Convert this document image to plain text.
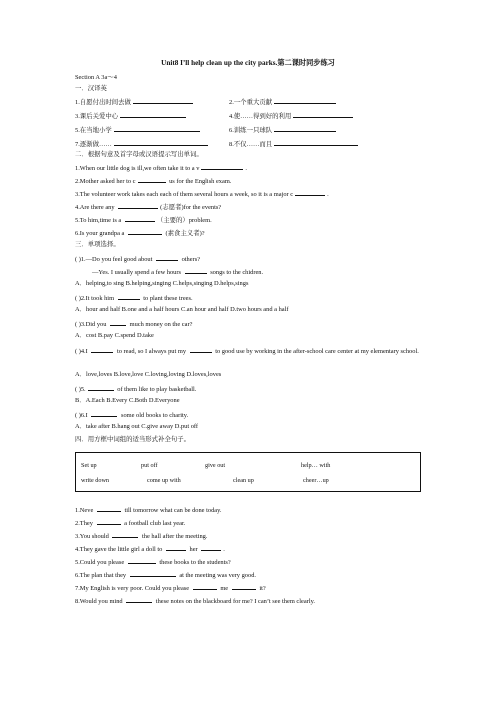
Unit8 I’ll help clean up the city parks.第二课时同步练习
Section A 3a～4
一．汉译英
1.自愿付出时间去做	2.一个重大贡献
3.课后关爱中心	4.使……得到好的利用
5.在当地小学	6.训练一只球队
7.逐渐做……	8.不仅……而且
二．根据句意及首字母或汉语提示写出单词。
1.When our little dog is ill,we often take it to a v	.
2.Mother asked her to c	us for the English exam.
3.The volunteer work takes each each of them several hours a week, so it is a major c	.
4.Are there any	(志愿者)for the events?
5.To him,time is a	（主要的）problem.
6.Is your grandpa a	(素食主义者)?
三．单项选择。
( )1.—Do you feel good about	others?
—Yes. I usually spend a few hours	songs to the chidren.
A．helping,to sing B.helping,singing C.helps,singing D.helps,sings
( )2.It took him	to plant these trees.
A．hour and half B.one and a half hours C.an hour and half D.two hours and a half
( )3.Did you	much money on the car?
A．cost B.pay C.spend D.take
( )4.I	to read, so I always put my	to good use by working in the after-school care center at my elementary school.
A．love,loves B.love,love C.loving,loving D.loves,loves
( )5.	of them like to play basketball.
B．A.Each B.Every C.Both D.Everyone
( )6.I	some old books to charity.
A．take after B.hang out C.give away D.put off
四．用方框中词组的适当形式补全句子。
Set up	put off	give out	help… with
write down	come up with	clean up	cheer…up
1.Neve	till tomorrow what can be done today.
2.They	a football club last year.
3.You should	the hall after the meeting.
4.They gave the little girl a doll to	her	.
5.Could you please	these books to the students?
6.The plan that they	at the meeting was very good.
7.My English is very poor. Could you please	me	it?
8.Would you mind	these notes on the blackboard for me? I can’t see them clearly.
